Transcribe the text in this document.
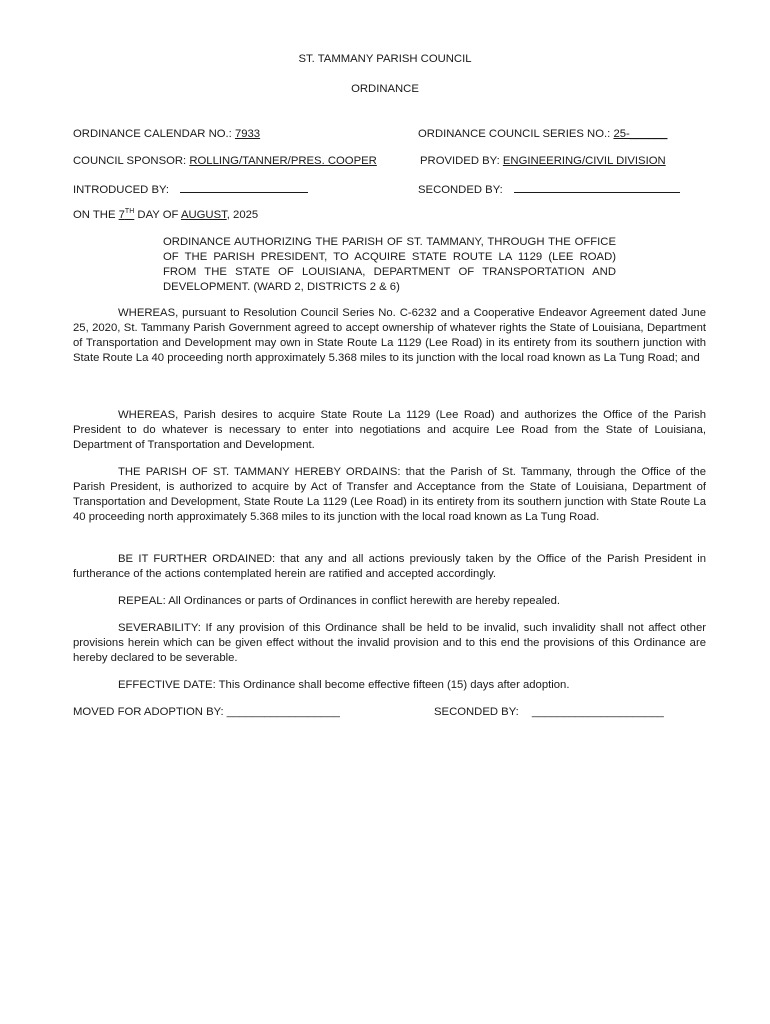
ST. TAMMANY PARISH COUNCIL
ORDINANCE
ORDINANCE CALENDAR NO.: 7933	ORDINANCE COUNCIL SERIES NO.: 25-______
COUNCIL SPONSOR: ROLLING/TANNER/PRES. COOPER	PROVIDED BY: ENGINEERING/CIVIL DIVISION
INTRODUCED BY:	SECONDED BY:
ON THE 7TH DAY OF AUGUST, 2025
ORDINANCE AUTHORIZING THE PARISH OF ST. TAMMANY, THROUGH THE OFFICE OF THE PARISH PRESIDENT, TO ACQUIRE STATE ROUTE LA 1129 (LEE ROAD) FROM THE STATE OF LOUISIANA, DEPARTMENT OF TRANSPORTATION AND DEVELOPMENT. (WARD 2, DISTRICTS 2 & 6)
WHEREAS, pursuant to Resolution Council Series No. C-6232 and a Cooperative Endeavor Agreement dated June 25, 2020, St. Tammany Parish Government agreed to accept ownership of whatever rights the State of Louisiana, Department of Transportation and Development may own in State Route La 1129 (Lee Road) in its entirety from its southern junction with State Route La 40 proceeding north approximately 5.368 miles to its junction with the local road known as La Tung Road; and
WHEREAS, Parish desires to acquire State Route La 1129 (Lee Road) and authorizes the Office of the Parish President to do whatever is necessary to enter into negotiations and acquire Lee Road from the State of Louisiana, Department of Transportation and Development.
THE PARISH OF ST. TAMMANY HEREBY ORDAINS: that the Parish of St. Tammany, through the Office of the Parish President, is authorized to acquire by Act of Transfer and Acceptance from the State of Louisiana, Department of Transportation and Development, State Route La 1129 (Lee Road) in its entirety from its southern junction with State Route La 40 proceeding north approximately 5.368 miles to its junction with the local road known as La Tung Road.
BE IT FURTHER ORDAINED: that any and all actions previously taken by the Office of the Parish President in furtherance of the actions contemplated herein are ratified and accepted accordingly.
REPEAL: All Ordinances or parts of Ordinances in conflict herewith are hereby repealed.
SEVERABILITY: If any provision of this Ordinance shall be held to be invalid, such invalidity shall not affect other provisions herein which can be given effect without the invalid provision and to this end the provisions of this Ordinance are hereby declared to be severable.
EFFECTIVE DATE: This Ordinance shall become effective fifteen (15) days after adoption.
MOVED FOR ADOPTION BY: __________________	SECONDED BY: _____________________
